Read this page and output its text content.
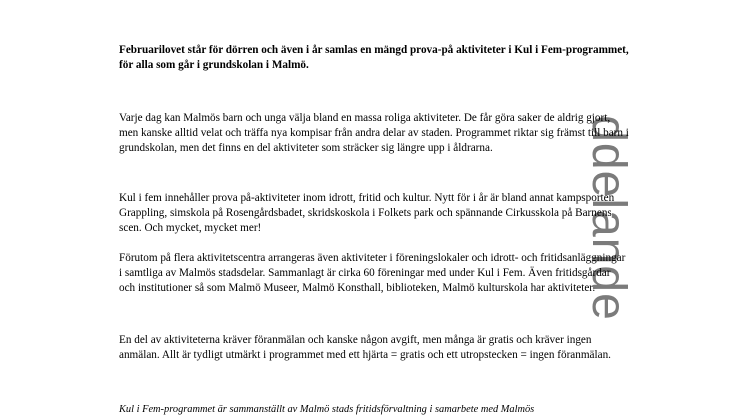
ddelande

Februarilovet står för dörren och även i år samlas en mängd prova-på aktiviteter i Kul i Fem-programmet, för alla som går i grundskolan i Malmö.

Varje dag kan Malmös barn och unga välja bland en massa roliga aktiviteter. De får göra saker de aldrig gjort, men kanske alltid velat och träffa nya kompisar från andra delar av staden. Programmet riktar sig främst till barn i grundskolan, men det finns en del aktiviteter som sträcker sig längre upp i åldrarna.

Kul i fem innehåller prova på-aktiviteter inom idrott, fritid och kultur. Nytt för i år är bland annat kampsporten Grappling, simskola på Rosengårdsbadet, skridskoskola i Folkets park och spännande Cirkusskola på Barnens scen. Och mycket, mycket mer!

Förutom på flera aktivitetscentra arrangeras även aktiviteter i föreningslokaler och idrott- och fritidsanläggningar i samtliga av Malmös stadsdelar. Sammanlagt är cirka 60 föreningar med under Kul i Fem. Även fritidsgårdar och institutioner så som Malmö Museer, Malmö Konsthall, biblioteken, Malmö kulturskola har aktiviteter.

En del av aktiviteterna kräver föranmälan och kanske någon avgift, men många är gratis och kräver ingen anmälan. Allt är tydligt utmärkt i programmet med ett hjärta = gratis och ett utropstecken = ingen föranmälan.

Kul i Fem-programmet är sammanställt av Malmö stads fritidsförvaltning i samarbete med Malmös
